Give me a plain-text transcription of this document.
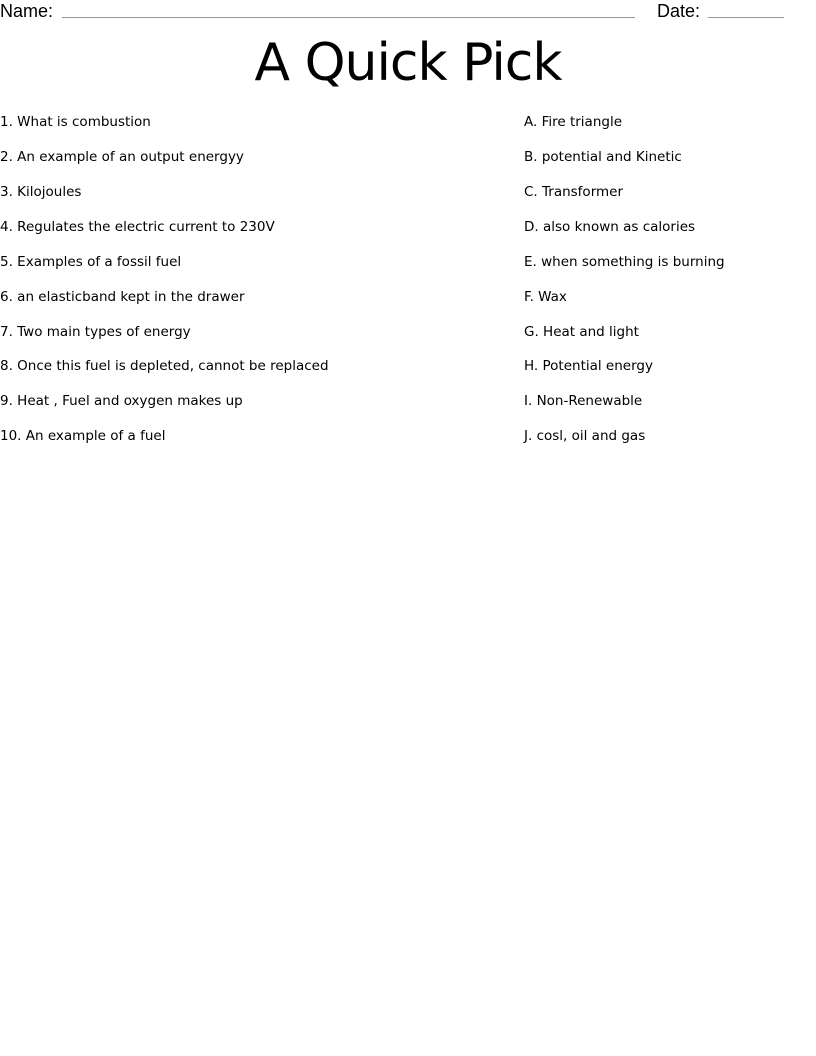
Name:	Date:
A Quick Pick
1. What is combustion
2. An example of an output energyy
3. Kilojoules
4. Regulates the electric current to 230V
5. Examples of a fossil fuel
6. an elasticband kept in the drawer
7. Two main types of energy
8. Once this fuel is depleted, cannot be replaced
9. Heat , Fuel and oxygen makes up
10. An example of a fuel
A. Fire triangle
B. potential and Kinetic
C. Transformer
D. also known as calories
E. when something is burning
F. Wax
G. Heat and light
H. Potential energy
I. Non-Renewable
J. cosl, oil and gas
